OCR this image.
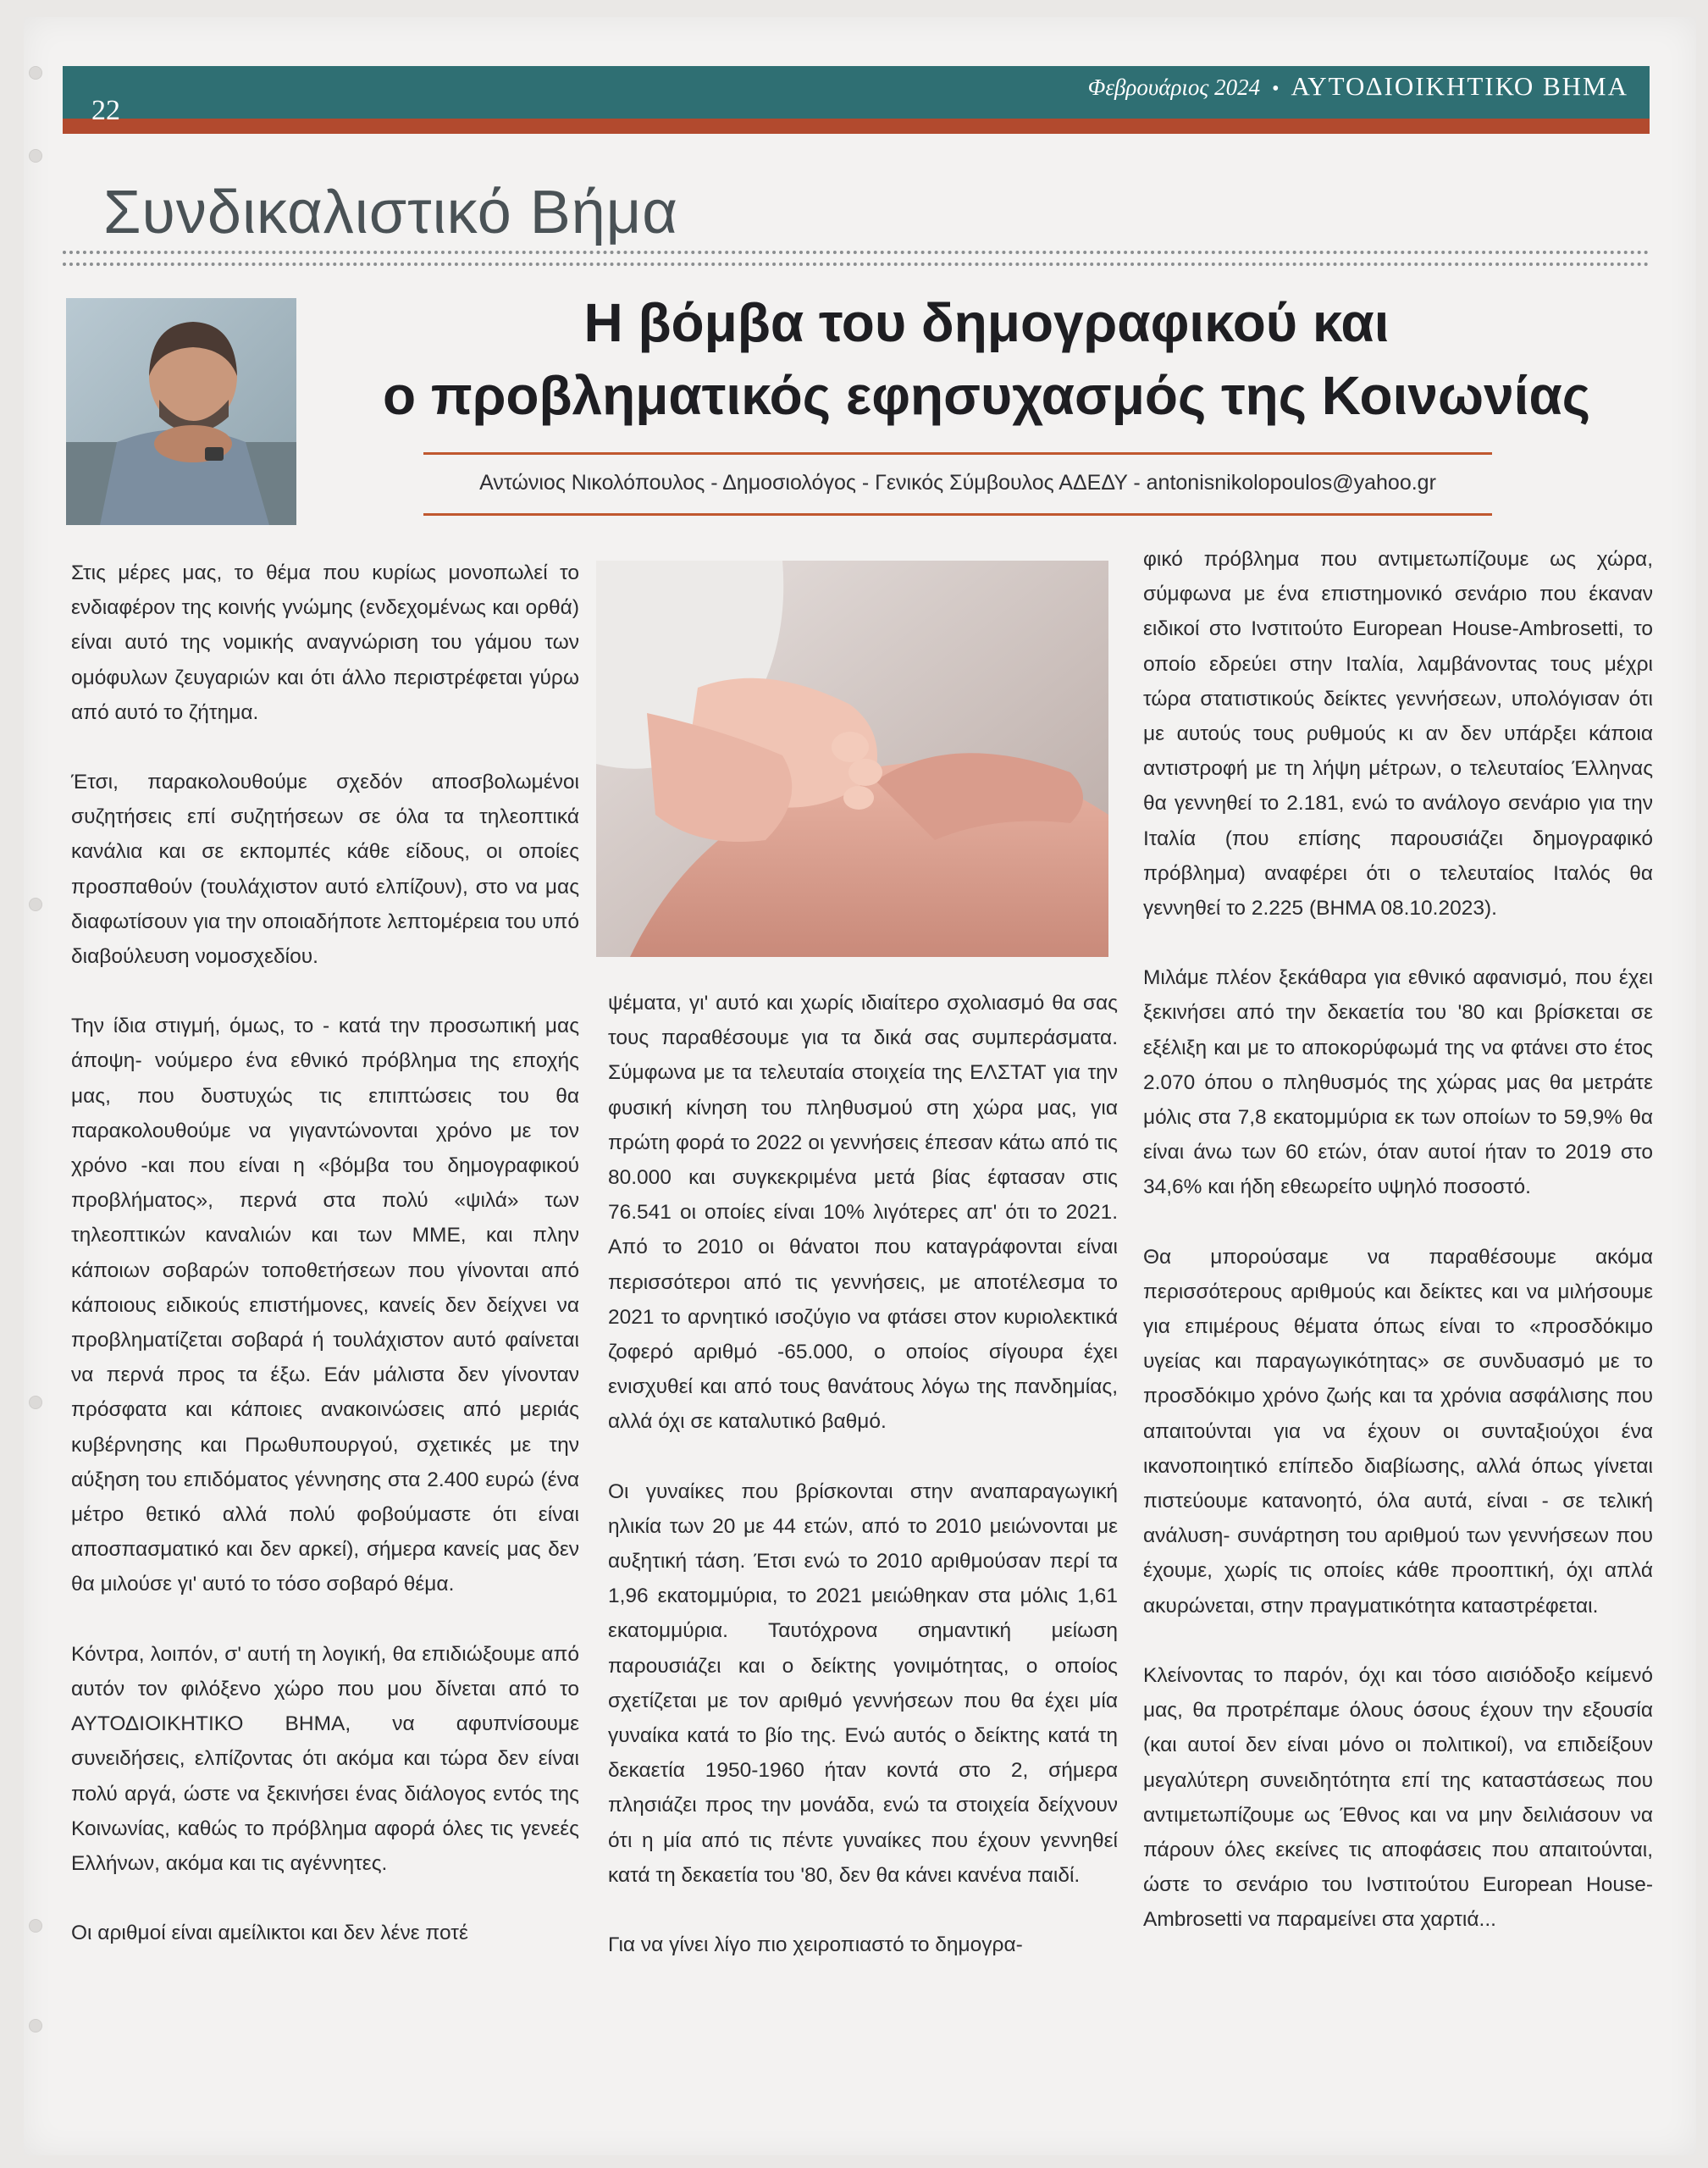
22
Φεβρουάριος 2024 • ΑΥΤΟΔΙΟΙΚΗΤΙΚΟ ΒΗΜΑ
Συνδικαλιστικό Βήμα
Η βόμβα του δημογραφικού και
ο προβληματικός εφησυχασμός της Κοινωνίας
Αντώνιος Νικολόπουλος - Δημοσιολόγος - Γενικός Σύμβουλος ΑΔΕΔΥ - antonisnikolopoulos@yahoo.gr

Στις μέρες μας, το θέμα που κυρίως μονοπωλεί το ενδιαφέρον της κοινής γνώμης (ενδεχομένως και ορθά) είναι αυτό της νομικής αναγνώριση του γάμου των ομόφυλων ζευγαριών και ότι άλλο περιστρέφεται γύρω από αυτό το ζήτημα.

Έτσι, παρακολουθούμε σχεδόν αποσβολωμένοι συζητήσεις επί συζητήσεων σε όλα τα τηλεοπτικά κανάλια και σε εκπομπές κάθε είδους, οι οποίες προσπαθούν (τουλάχιστον αυτό ελπίζουν), στο να μας διαφωτίσουν για την οποιαδήποτε λεπτομέρεια του υπό διαβούλευση νομοσχεδίου.

Την ίδια στιγμή, όμως, το - κατά την προσωπική μας άποψη- νούμερο ένα εθνικό πρόβλημα της εποχής μας, που δυστυχώς τις επιπτώσεις του θα παρακολουθούμε να γιγαντώνονται χρόνο με τον χρόνο -και που είναι η «βόμβα του δημογραφικού προβλήματος», περνά στα πολύ «ψιλά» των τηλεοπτικών καναλιών και των ΜΜΕ, και πλην κάποιων σοβαρών τοποθετήσεων που γίνονται από κάποιους ειδικούς επιστήμονες, κανείς δεν δείχνει να προβληματίζεται σοβαρά ή τουλάχιστον αυτό φαίνεται να περνά προς τα έξω. Εάν μάλιστα δεν γίνονταν πρόσφατα και κάποιες ανακοινώσεις από μεριάς κυβέρνησης και Πρωθυπουργού, σχετικές με την αύξηση του επιδόματος γέννησης στα 2.400 ευρώ (ένα μέτρο θετικό αλλά πολύ φοβούμαστε ότι είναι αποσπασματικό και δεν αρκεί), σήμερα κανείς μας δεν θα μιλούσε γι' αυτό το τόσο σοβαρό θέμα.

Κόντρα, λοιπόν, σ' αυτή τη λογική, θα επιδιώξουμε από αυτόν τον φιλόξενο χώρο που μου δίνεται από το ΑΥΤΟΔΙΟΙΚΗΤΙΚΟ ΒΗΜΑ, να αφυπνίσουμε συνειδήσεις, ελπίζοντας ότι ακόμα και τώρα δεν είναι πολύ αργά, ώστε να ξεκινήσει ένας διάλογος εντός της Κοινωνίας, καθώς το πρόβλημα αφορά όλες τις γενεές Ελλήνων, ακόμα και τις αγέννητες.

Οι αριθμοί είναι αμείλικτοι και δεν λένε ποτέ

ψέματα, γι' αυτό και χωρίς ιδιαίτερο σχολιασμό θα σας τους παραθέσουμε για τα δικά σας συμπεράσματα. Σύμφωνα με τα τελευταία στοιχεία της ΕΛΣΤΑΤ για την φυσική κίνηση του πληθυσμού στη χώρα μας, για πρώτη φορά το 2022 οι γεννήσεις έπεσαν κάτω από τις 80.000 και συγκεκριμένα μετά βίας έφτασαν στις 76.541 οι οποίες είναι 10% λιγότερες απ' ότι το 2021. Από το 2010 οι θάνατοι που καταγράφονται είναι περισσότεροι από τις γεννήσεις, με αποτέλεσμα το 2021 το αρνητικό ισοζύγιο να φτάσει στον κυριολεκτικά ζοφερό αριθμό -65.000, ο οποίος σίγουρα έχει ενισχυθεί και από τους θανάτους λόγω της πανδημίας, αλλά όχι σε καταλυτικό βαθμό.

Οι γυναίκες που βρίσκονται στην αναπαραγωγική ηλικία των 20 με 44 ετών, από το 2010 μειώνονται με αυξητική τάση. Έτσι ενώ το 2010 αριθμούσαν περί τα 1,96 εκατομμύρια, το 2021 μειώθηκαν στα μόλις 1,61 εκατομμύρια. Ταυτόχρονα σημαντική μείωση παρουσιάζει και ο δείκτης γονιμότητας, ο οποίος σχετίζεται με τον αριθμό γεννήσεων που θα έχει μία γυναίκα κατά το βίο της. Ενώ αυτός ο δείκτης κατά τη δεκαετία 1950-1960 ήταν κοντά στο 2, σήμερα πλησιάζει προς την μονάδα, ενώ τα στοιχεία δείχνουν ότι η μία από τις πέντε γυναίκες που έχουν γεννηθεί κατά τη δεκαετία του '80, δεν θα κάνει κανένα παιδί.

Για να γίνει λίγο πιο χειροπιαστό το δημογρα-

φικό πρόβλημα που αντιμετωπίζουμε ως χώρα, σύμφωνα με ένα επιστημονικό σενάριο που έκαναν ειδικοί στο Ινστιτούτο European House-Ambrosetti, το οποίο εδρεύει στην Ιταλία, λαμβάνοντας τους μέχρι τώρα στατιστικούς δείκτες γεννήσεων, υπολόγισαν ότι με αυτούς τους ρυθμούς κι αν δεν υπάρξει κάποια αντιστροφή με τη λήψη μέτρων, ο τελευταίος Έλληνας θα γεννηθεί το 2.181, ενώ το ανάλογο σενάριο για την Ιταλία (που επίσης παρουσιάζει δημογραφικό πρόβλημα) αναφέρει ότι ο τελευταίος Ιταλός θα γεννηθεί το 2.225 (ΒΗΜΑ 08.10.2023).

Μιλάμε πλέον ξεκάθαρα για εθνικό αφανισμό, που έχει ξεκινήσει από την δεκαετία του '80 και βρίσκεται σε εξέλιξη και με το αποκορύφωμά της να φτάνει στο έτος 2.070 όπου ο πληθυσμός της χώρας μας θα μετράτε μόλις στα 7,8 εκατομμύρια εκ των οποίων το 59,9% θα είναι άνω των 60 ετών, όταν αυτοί ήταν το 2019 στο 34,6% και ήδη εθεωρείτο υψηλό ποσοστό.

Θα μπορούσαμε να παραθέσουμε ακόμα περισσότερους αριθμούς και δείκτες και να μιλήσουμε για επιμέρους θέματα όπως είναι το «προσδόκιμο υγείας και παραγωγικότητας» σε συνδυασμό με το προσδόκιμο χρόνο ζωής και τα χρόνια ασφάλισης που απαιτούνται για να έχουν οι συνταξιούχοι ένα ικανοποιητικό επίπεδο διαβίωσης, αλλά όπως γίνεται πιστεύουμε κατανοητό, όλα αυτά, είναι - σε τελική ανάλυση- συνάρτηση του αριθμού των γεννήσεων που έχουμε, χωρίς τις οποίες κάθε προοπτική, όχι απλά ακυρώνεται, στην πραγματικότητα καταστρέφεται.

Κλείνοντας το παρόν, όχι και τόσο αισιόδοξο κείμενό μας, θα προτρέπαμε όλους όσους έχουν την εξουσία (και αυτοί δεν είναι μόνο οι πολιτικοί), να επιδείξουν μεγαλύτερη συνειδητότητα επί της καταστάσεως που αντιμετωπίζουμε ως Έθνος και να μην δειλιάσουν να πάρουν όλες εκείνες τις αποφάσεις που απαιτούνται, ώστε το σενάριο του Ινστιτούτου European House-Ambrosetti να παραμείνει στα χαρτιά...
